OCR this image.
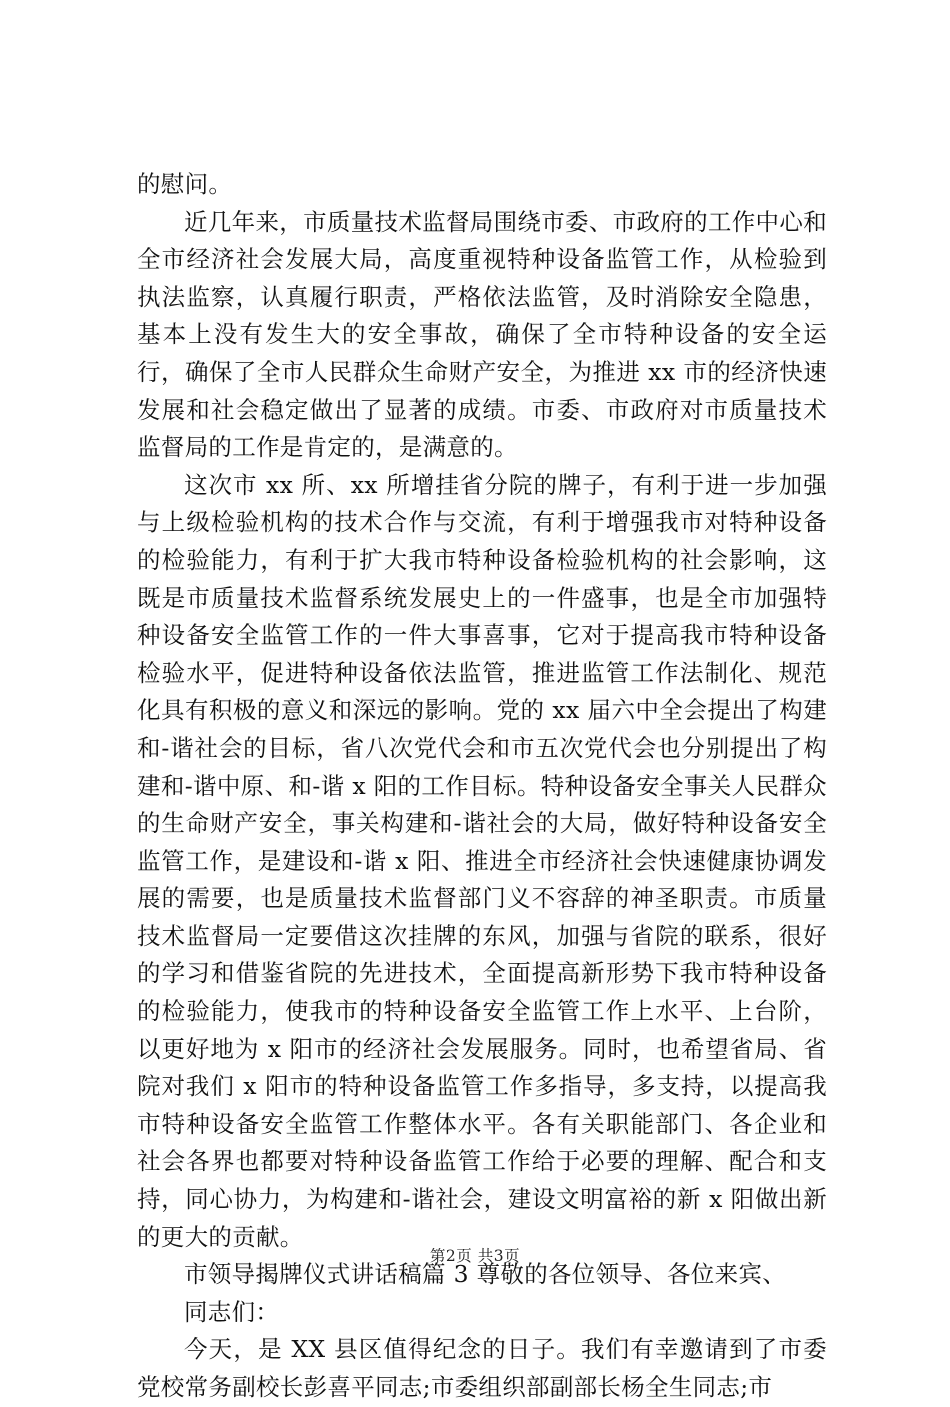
的慰问。

近几年来，市质量技术监督局围绕市委、市政府的工作中心和全市经济社会发展大局，高度重视特种设备监管工作，从检验到执法监察，认真履行职责，严格依法监管，及时消除安全隐患，基本上没有发生大的安全事故，确保了全市特种设备的安全运行，确保了全市人民群众生命财产安全，为推进 xx 市的经济快速发展和社会稳定做出了显著的成绩。市委、市政府对市质量技术监督局的工作是肯定的，是满意的。

这次市 xx 所、xx 所增挂省分院的牌子，有利于进一步加强与上级检验机构的技术合作与交流，有利于增强我市对特种设备的检验能力，有利于扩大我市特种设备检验机构的社会影响，这既是市质量技术监督系统发展史上的一件盛事，也是全市加强特种设备安全监管工作的一件大事喜事，它对于提高我市特种设备检验水平，促进特种设备依法监管，推进监管工作法制化、规范化具有积极的意义和深远的影响。党的 xx 届六中全会提出了构建和-谐社会的目标，省八次党代会和市五次党代会也分别提出了构建和-谐中原、和-谐 x 阳的工作目标。特种设备安全事关人民群众的生命财产安全，事关构建和-谐社会的大局，做好特种设备安全监管工作，是建设和-谐 x 阳、推进全市经济社会快速健康协调发展的需要，也是质量技术监督部门义不容辞的神圣职责。市质量技术监督局一定要借这次挂牌的东风，加强与省院的联系，很好的学习和借鉴省院的先进技术，全面提高新形势下我市特种设备的检验能力，使我市的特种设备安全监管工作上水平、上台阶，以更好地为 x 阳市的经济社会发展服务。同时，也希望省局、省院对我们 x 阳市的特种设备监管工作多指导，多支持，以提高我市特种设备安全监管工作整体水平。各有关职能部门、各企业和社会各界也都要对特种设备监管工作给于必要的理解、配合和支持，同心协力，为构建和-谐社会，建设文明富裕的新 x 阳做出新的更大的贡献。

市领导揭牌仪式讲话稿篇 3 尊敬的各位领导、各位来宾、

同志们：

今天，是 XX 县区值得纪念的日子。我们有幸邀请到了市委党校常务副校长彭喜平同志;市委组织部副部长杨全生同志;市

第2页 共3页
